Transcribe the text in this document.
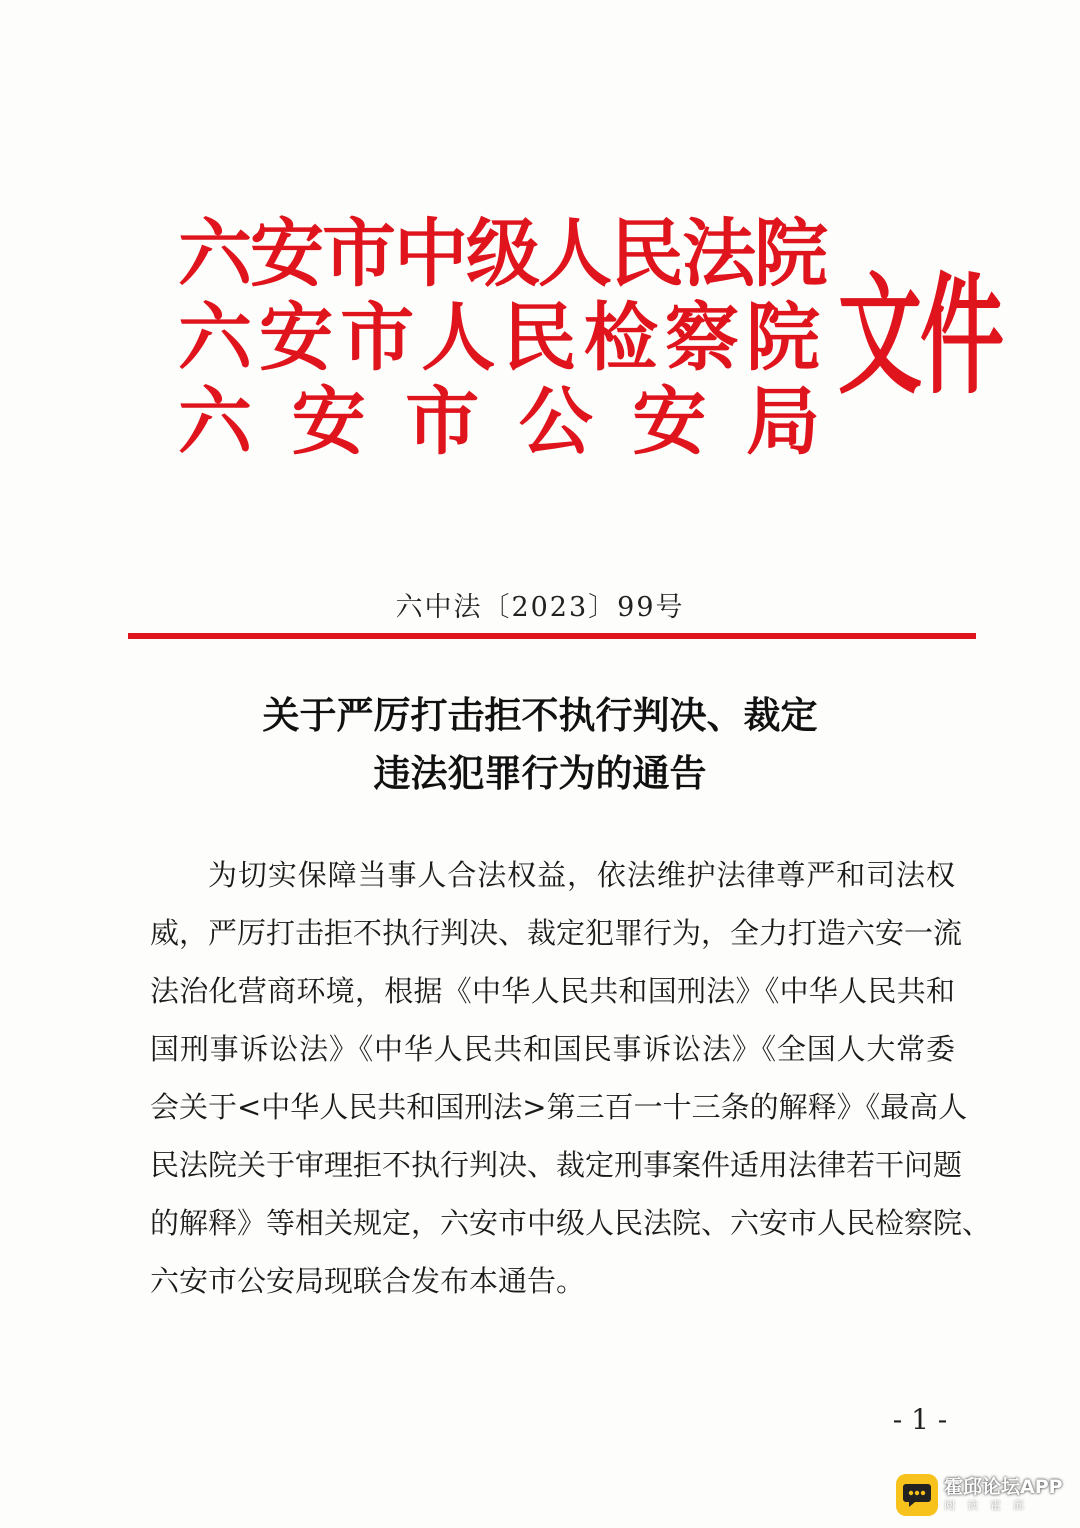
六 安 市 中 级 人 民 法 院
六 安 市 人 民 检 察 院
六 安 市 公 安 局
文件
六中法〔2023〕99号
关于严厉打击拒不执行判决、裁定
违法犯罪行为的通告
为切实保障当事人合法权益，依法维护法律尊严和司法权
威，严厉打击拒不执行判决、裁定犯罪行为，全力打造六安一流
法治化营商环境，根据《中华人民共和国刑法》《中华人民共和
国刑事诉讼法》《中华人民共和国民事诉讼法》《全国人大常委
会关于<中华人民共和国刑法>第三百一十三条的解释》《最高人
民法院关于审理拒不执行判决、裁定刑事案件适用法律若干问题
的解释》等相关规定，六安市中级人民法院、六安市人民检察院、
六安市公安局现联合发布本通告。
- 1 -
霍邱论坛APP
阅读霍邱
